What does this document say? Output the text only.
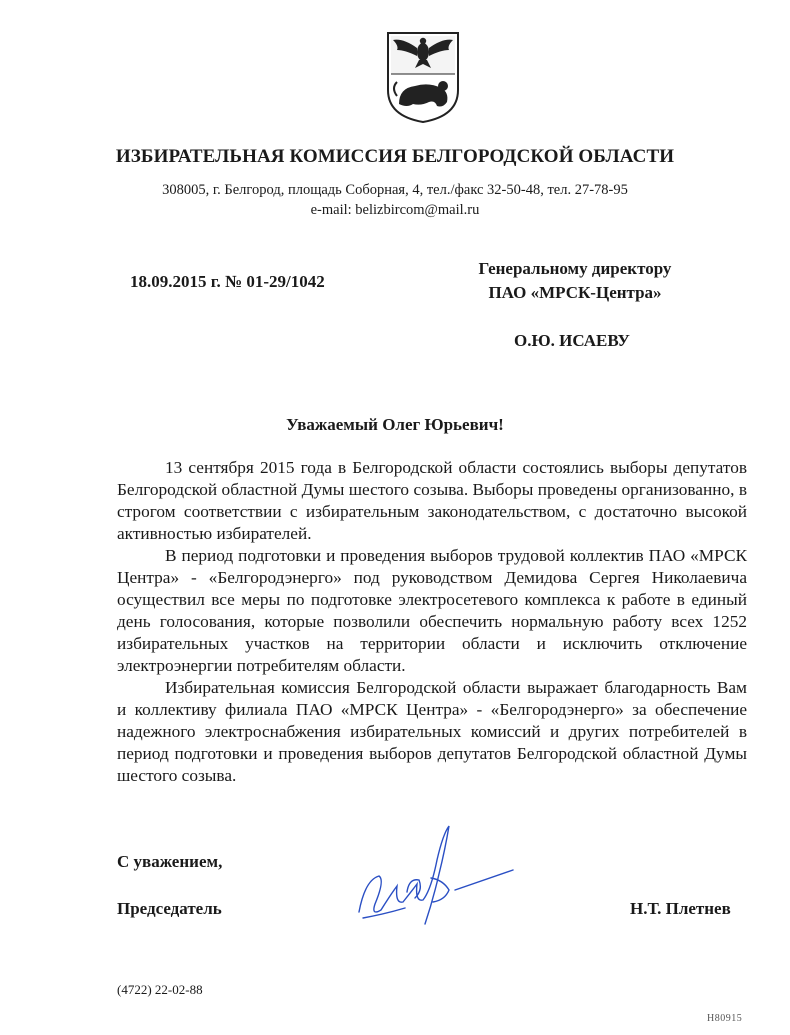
ИЗБИРАТЕЛЬНАЯ КОМИССИЯ БЕЛГОРОДСКОЙ ОБЛАСТИ
308005, г. Белгород, площадь Соборная, 4, тел./факс 32-50-48, тел. 27-78-95
e-mail: belizbircom@mail.ru
18.09.2015 г. № 01-29/1042
Генеральному директору
ПАО «МРСК-Центра»
О.Ю. ИСАЕВУ
Уважаемый Олег Юрьевич!

13 сентября 2015 года в Белгородской области состоялись выборы депутатов Белгородской областной Думы шестого созыва. Выборы проведены организованно, в строгом соответствии с избирательным законодательством, с достаточно высокой активностью избирателей.

В период подготовки и проведения выборов трудовой коллектив ПАО «МРСК Центра» - «Белгородэнерго» под руководством Демидова Сергея Николаевича осуществил все меры по подготовке электросетевого комплекса к работе в единый день голосования, которые позволили обеспечить нормальную работу всех 1252 избирательных участков на территории области и исключить отключение электроэнергии потребителям области.

Избирательная комиссия Белгородской области выражает благодарность Вам и коллективу филиала ПАО «МРСК Центра» - «Белгородэнерго» за обеспечение надежного электроснабжения избирательных комиссий и других потребителей в период подготовки и проведения выборов депутатов Белгородской областной Думы шестого созыва.

С уважением,
Председатель	Н.Т. Плетнев
(4722) 22-02-88
Н80915
